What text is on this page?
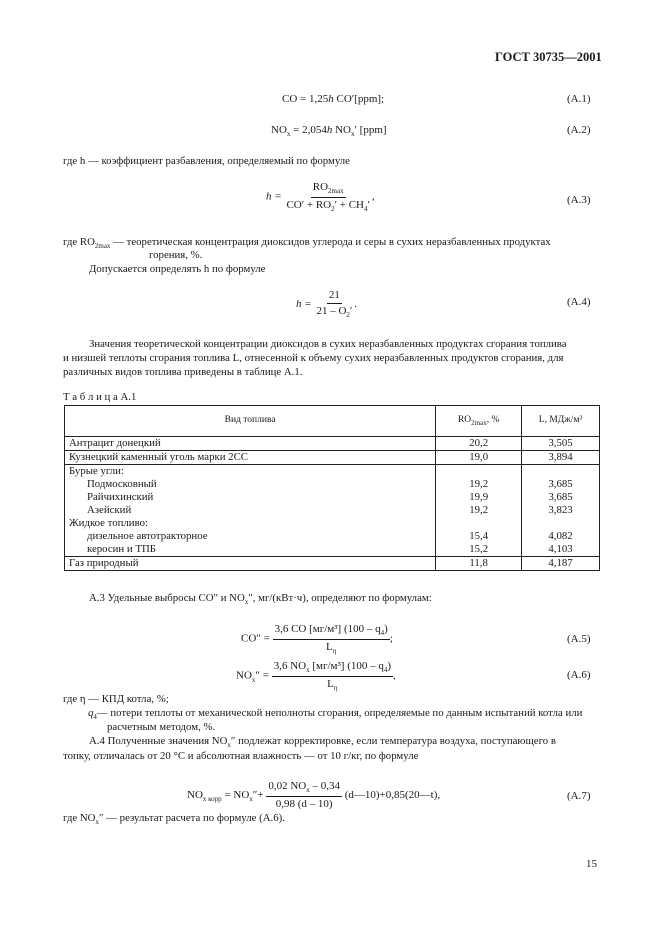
ГОСТ 30735—2001
CO = 1,25h CO′[ppm];	(A.1)
$NO_x = 2,054h$ $NO_x'$ [ppm]	(A.2)
где h — коэффициент разбавления, определяемый по формуле
$h = \frac{RO_{2max}}{CO' + RO_2' + CH_4'}$ ,	(A.3)
где $RO_{2max}$ — теоретическая концентрация диоксидов углерода и серы в сухих неразбавленных продуктах
горения, %.
Допускается определять h по формуле
$h = \frac{21}{21 - O_2'}$ .	(A.4)
Значения теоретической концентрации диоксидов в сухих неразбавленных продуктах сгорания топлива
и низшей теплоты сгорания топлива L, отнесенной к объему сухих неразбавленных продуктов сгорания, для
различных видов топлива приведены в таблице А.1.
Т а б л и ц а А.1
Вид топлива	$RO_{2max}$, %	L, МДж/м³
Антрацит донецкий	20,2	3,505
Кузнецкий каменный уголь марки 2СС	19,0	3,894
Бурые угли:		
Подмосковный	19,2	3,685
Райчихинский	19,9	3,685
Азейский	19,2	3,823
Жидкое топливо:		
дизельное автотракторное	15,4	4,082
керосин и ТПБ	15,2	4,103
Газ природный	11,8	4,187
А.3 Удельные выбросы CO″ и $NO_x''$, мг/(кВт·ч), определяют по формулам:
$CO'' = \frac{3,6 CO [мг/м^3] (100 - q_4)}{L_\eta}$ ;	(A.5)
$NO_x'' = \frac{3,6 NO_x [мг/м^3] (100 - q_4)}{L_\eta}$ ,	(A.6)
где η — КПД котла, %;
$q_4—$ потери теплоты от механической неполноты сгорания, определяемые по данным испытаний котла или
расчетным методом, %.
А.4 Полученные значения $NO_x''$ подлежат корректировке, если температура воздуха, поступающего в
топку, отличалась от 20 °С и абсолютная влажность — от 10 г/кг, по формуле
$NO_{x корр} = NO_x''+ \frac{0,02 NO_x - 0,34}{0,98 (d - 10)}$ (d—10)+0,85(20—t),	(A.7)
где $NO_x''$ — результат расчета по формуле (А.6).
15
